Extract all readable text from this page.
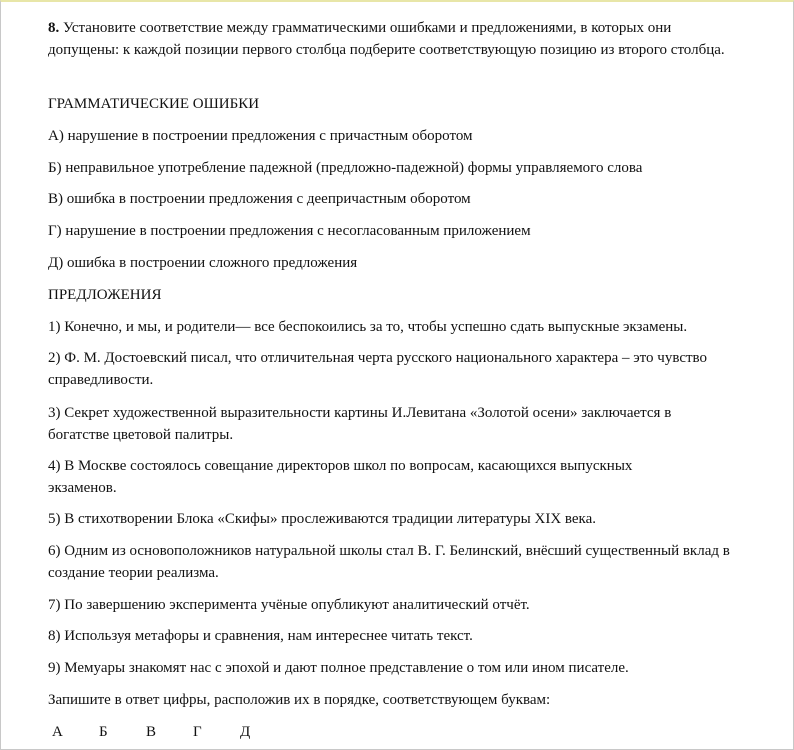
8. Установите соответствие между грамматическими ошибками и предложениями, в которых они допущены: к каждой позиции первого столбца подберите соответствующую позицию из второго столбца.
ГРАММАТИЧЕСКИЕ ОШИБКИ
А) нарушение в построении предложения с причастным оборотом
Б) неправильное употребление падежной (предложно-падежной) формы управляемого слова
В) ошибка в построении предложения с деепричастным оборотом
Г) нарушение в построении предложения с несогласованным приложением
Д) ошибка в построении сложного предложения
ПРЕДЛОЖЕНИЯ
1) Конечно, и мы, и родители— все беспокоились за то, чтобы успешно сдать выпускные экзамены.
2) Ф. М. Достоевский писал, что отличительная черта русского национального характера – это чувство справедливости.
3) Секрет художественной выразительности картины И.Левитана «Золотой осени» заключается в богатстве цветовой палитры.
4) В Москве состоялось совещание директоров школ по вопросам, касающихся выпускных экзаменов.
5) В стихотворении Блока «Скифы» прослеживаются традиции литературы XIX века.
6) Одним из основоположников натуральной школы стал В. Г. Белинский, внёсший существенный вклад в создание теории реализма.
7) По завершению эксперимента учёные опубликуют аналитический отчёт.
8) Используя метафоры и сравнения, нам интереснее читать текст.
9) Мемуары знакомят нас с эпохой и дают полное представление о том или ином писателе.
Запишите в ответ цифры, расположив их в порядке, соответствующем буквам:
А	Б	В	Г	Д
